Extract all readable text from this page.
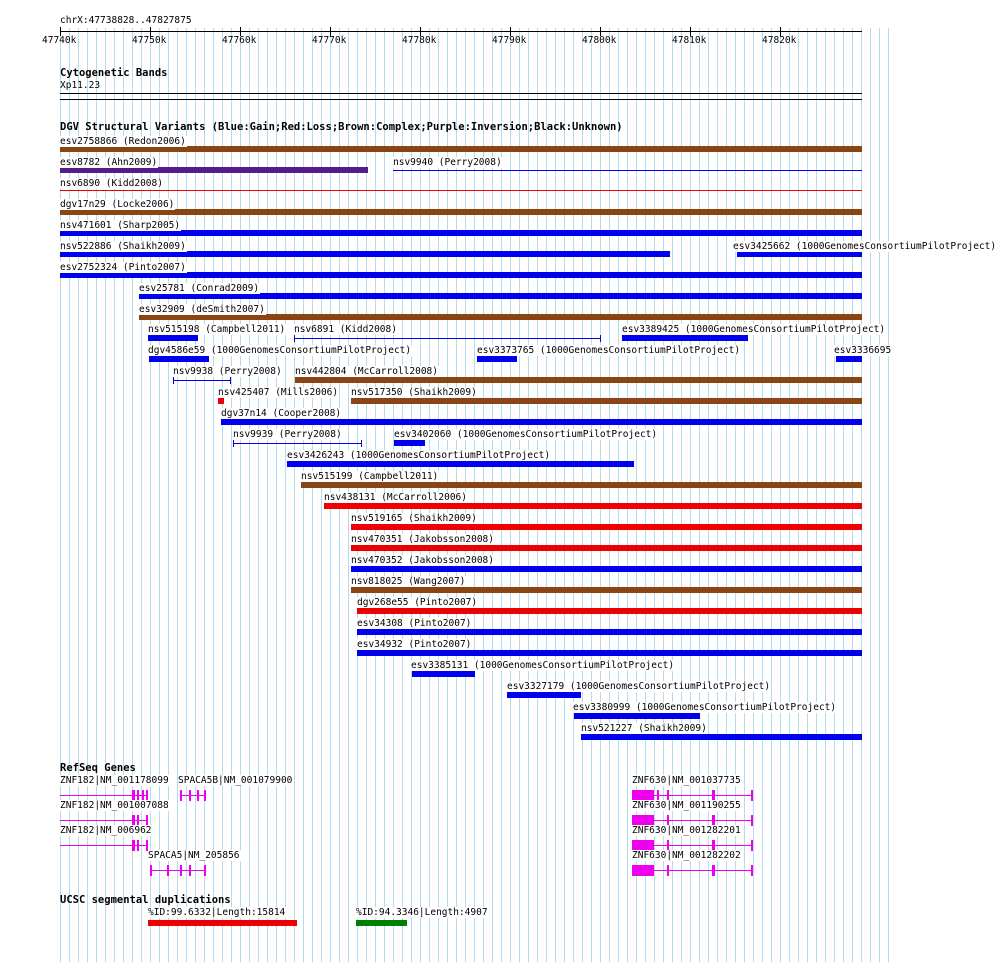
chrX:47738828..47827875
47740k	47750k	47760k	47770k	47780k	47790k	47800k	47810k	47820k
Cytogenetic Bands
Xp11.23
DGV Structural Variants (Blue:Gain;Red:Loss;Brown:Complex;Purple:Inversion;Black:Unknown)
esv2758866 (Redon2006)
esv8782 (Ahn2009)	nsv9940 (Perry2008)
nsv6890 (Kidd2008)
dgv17n29 (Locke2006)
nsv471601 (Sharp2005)
nsv522886 (Shaikh2009)	esv3425662 (1000GenomesConsortiumPilotProject)
esv2752324 (Pinto2007)
esv25781 (Conrad2009)
esv32909 (deSmith2007)
nsv515198 (Campbell2011) nsv6891 (Kidd2008)	esv3389425 (1000GenomesConsortiumPilotProject)
dgv4586e59 (1000GenomesConsortiumPilotProject)	esv3373765 (1000GenomesConsortiumPilotProject)	esv3336695
nsv9938 (Perry2008) nsv442804 (McCarroll2008)
nsv425407 (Mills2006) nsv517350 (Shaikh2009)
dgv37n14 (Cooper2008)
nsv9939 (Perry2008)	esv3402060 (1000GenomesConsortiumPilotProject)
esv3426243 (1000GenomesConsortiumPilotProject)
nsv515199 (Campbell2011)
nsv438131 (McCarroll2006)
nsv519165 (Shaikh2009)
nsv470351 (Jakobsson2008)
nsv470352 (Jakobsson2008)
nsv818025 (Wang2007)
dgv268e55 (Pinto2007)
esv34308 (Pinto2007)
esv34932 (Pinto2007)
esv3385131 (1000GenomesConsortiumPilotProject)
esv3327179 (1000GenomesConsortiumPilotProject)
esv3380999 (1000GenomesConsortiumPilotProject)
nsv521227 (Shaikh2009)
RefSeq Genes
ZNF182|NM_001178099 SPACA5B|NM_001079900
ZNF182|NM_001007088
ZNF182|NM_006962
SPACA5|NM_205856
ZNF630|NM_001037735
ZNF630|NM_001190255
ZNF630|NM_001282201
ZNF630|NM_001282202
UCSC segmental duplications
%ID:99.6332|Length:15814	%ID:94.3346|Length:4907
